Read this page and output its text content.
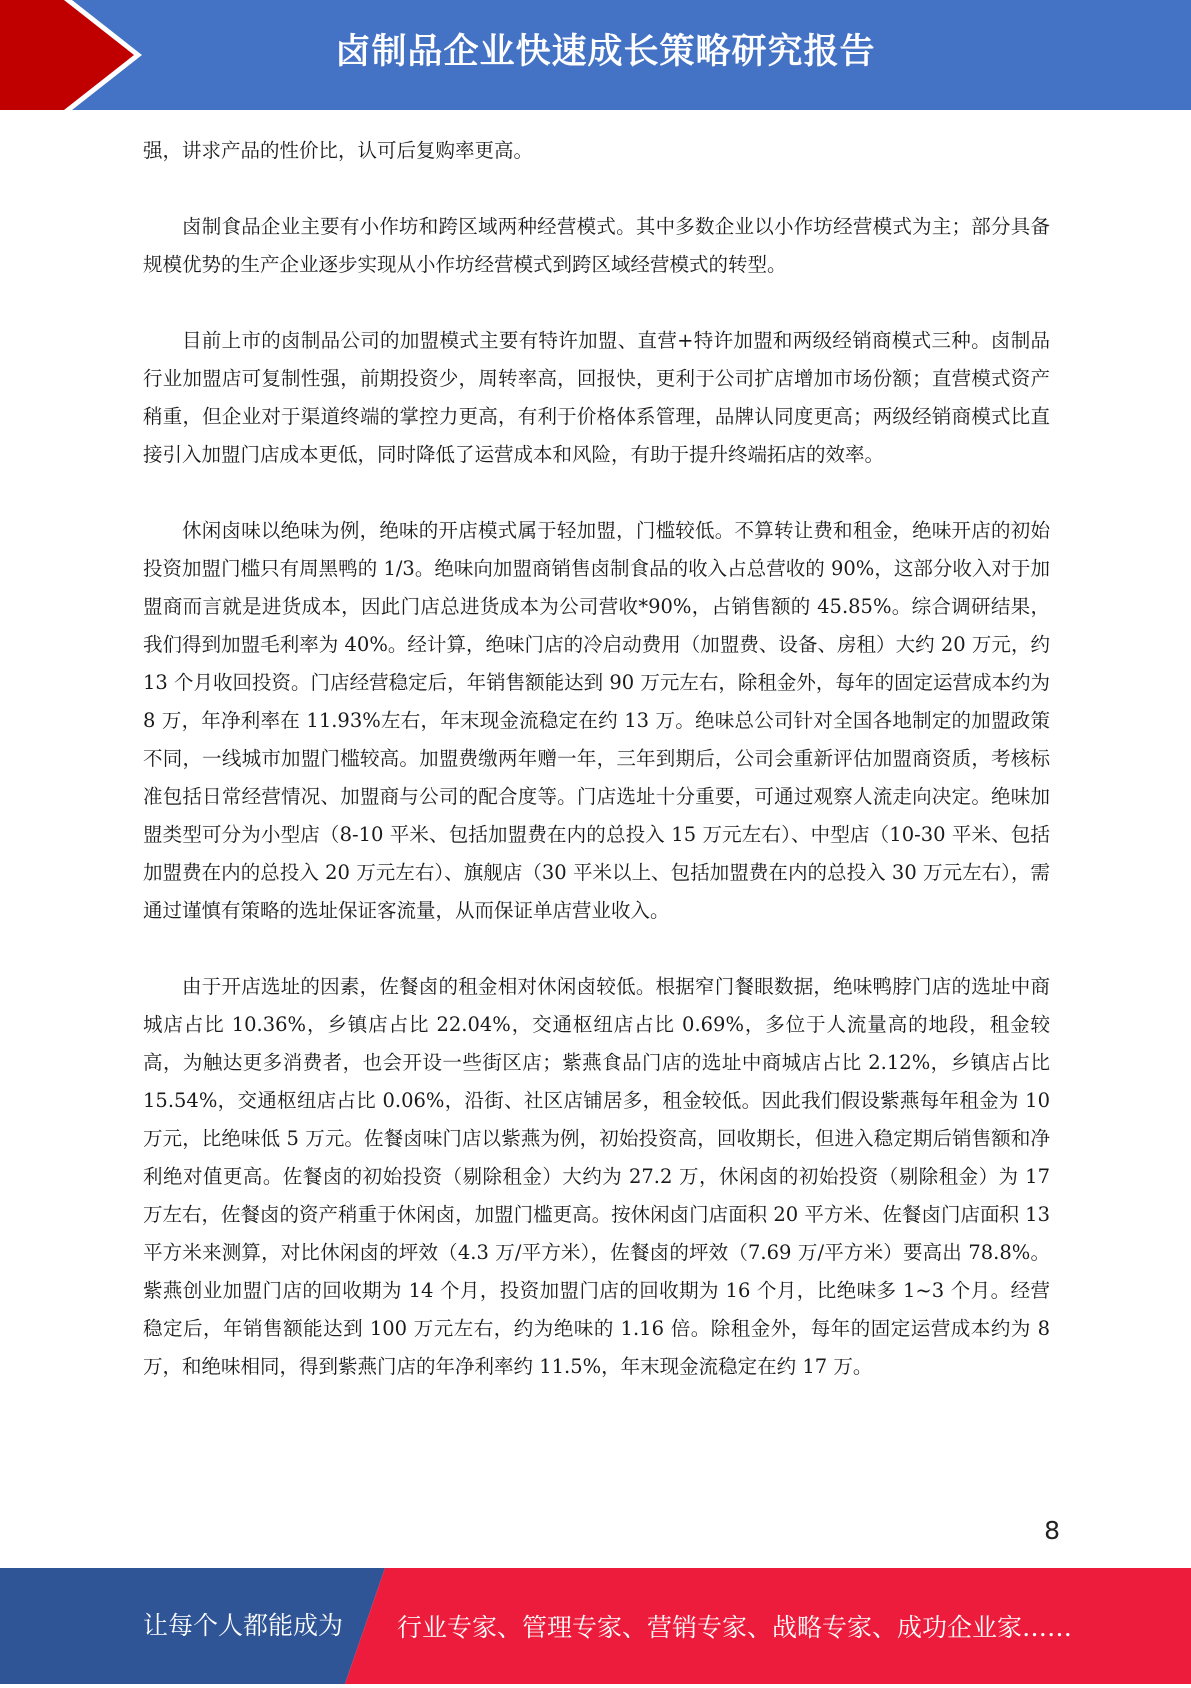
卤制品企业快速成长策略研究报告

强，讲求产品的性价比，认可后复购率更高。

卤制食品企业主要有小作坊和跨区域两种经营模式。其中多数企业以小作坊经营模式为主；部分具备规模优势的生产企业逐步实现从小作坊经营模式到跨区域经营模式的转型。

目前上市的卤制品公司的加盟模式主要有特许加盟、直营+特许加盟和两级经销商模式三种。卤制品行业加盟店可复制性强，前期投资少，周转率高，回报快，更利于公司扩店增加市场份额；直营模式资产稍重，但企业对于渠道终端的掌控力更高，有利于价格体系管理，品牌认同度更高；两级经销商模式比直接引入加盟门店成本更低，同时降低了运营成本和风险，有助于提升终端拓店的效率。

休闲卤味以绝味为例，绝味的开店模式属于轻加盟，门槛较低。不算转让费和租金，绝味开店的初始投资加盟门槛只有周黑鸭的 1/3。绝味向加盟商销售卤制食品的收入占总营收的 90%，这部分收入对于加盟商而言就是进货成本，因此门店总进货成本为公司营收*90%，占销售额的 45.85%。综合调研结果，我们得到加盟毛利率为 40%。经计算，绝味门店的冷启动费用（加盟费、设备、房租）大约 20 万元，约 13 个月收回投资。门店经营稳定后，年销售额能达到 90 万元左右，除租金外，每年的固定运营成本约为 8 万，年净利率在 11.93%左右，年末现金流稳定在约 13 万。绝味总公司针对全国各地制定的加盟政策不同，一线城市加盟门槛较高。加盟费缴两年赠一年，三年到期后，公司会重新评估加盟商资质，考核标准包括日常经营情况、加盟商与公司的配合度等。门店选址十分重要，可通过观察人流走向决定。绝味加盟类型可分为小型店（8-10 平米、包括加盟费在内的总投入 15 万元左右）、中型店（10-30 平米、包括加盟费在内的总投入 20 万元左右）、旗舰店（30 平米以上、包括加盟费在内的总投入 30 万元左右），需通过谨慎有策略的选址保证客流量，从而保证单店营业收入。

由于开店选址的因素，佐餐卤的租金相对休闲卤较低。根据窄门餐眼数据，绝味鸭脖门店的选址中商城店占比 10.36%，乡镇店占比 22.04%，交通枢纽店占比 0.69%，多位于人流量高的地段，租金较高，为触达更多消费者，也会开设一些街区店；紫燕食品门店的选址中商城店占比 2.12%，乡镇店占比 15.54%，交通枢纽店占比 0.06%，沿街、社区店铺居多，租金较低。因此我们假设紫燕每年租金为 10 万元，比绝味低 5 万元。佐餐卤味门店以紫燕为例，初始投资高，回收期长，但进入稳定期后销售额和净利绝对值更高。佐餐卤的初始投资（剔除租金）大约为 27.2 万，休闲卤的初始投资（剔除租金）为 17 万左右，佐餐卤的资产稍重于休闲卤，加盟门槛更高。按休闲卤门店面积 20 平方米、佐餐卤门店面积 13 平方米来测算，对比休闲卤的坪效（4.3 万/平方米），佐餐卤的坪效（7.69 万/平方米）要高出 78.8%。紫燕创业加盟门店的回收期为 14 个月，投资加盟门店的回收期为 16 个月，比绝味多 1~3 个月。经营稳定后，年销售额能达到 100 万元左右，约为绝味的 1.16 倍。除租金外，每年的固定运营成本约为 8 万，和绝味相同，得到紫燕门店的年净利率约 11.5%，年末现金流稳定在约 17 万。

8
让每个人都能成为 行业专家、管理专家、营销专家、战略专家、成功企业家……
